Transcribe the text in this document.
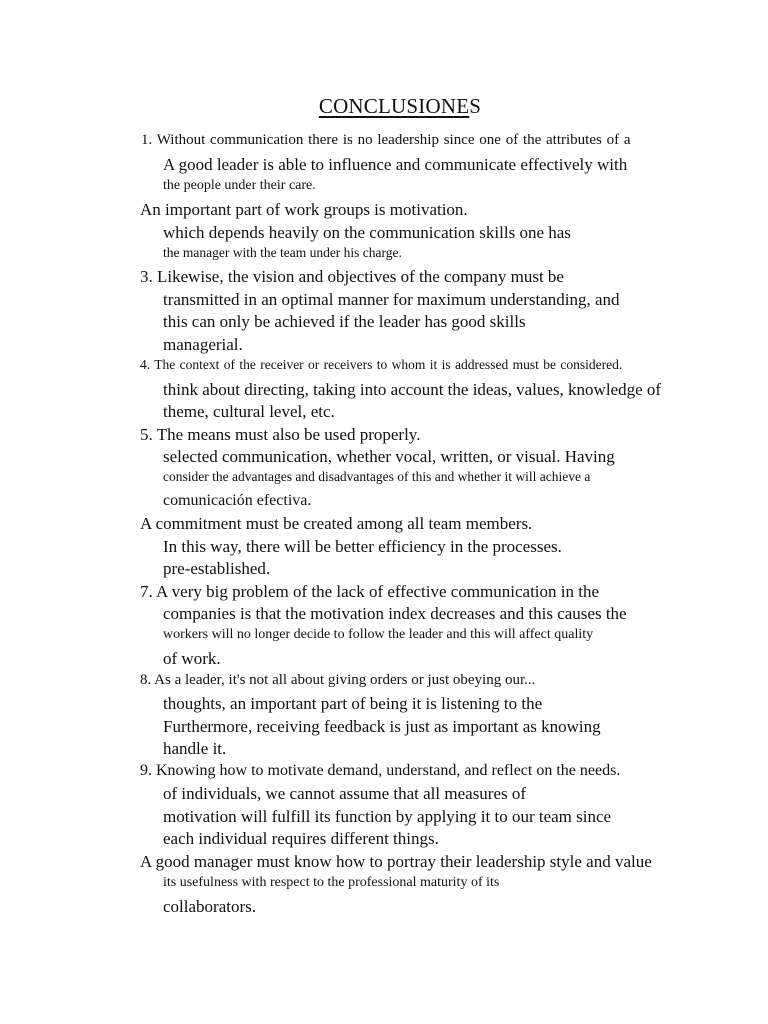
CONCLUSIONES
1. Without communication there is no leadership since one of the attributes of a
A good leader is able to influence and communicate effectively with
the people under their care.
An important part of work groups is motivation.
which depends heavily on the communication skills one has
the manager with the team under his charge.
3. Likewise, the vision and objectives of the company must be
transmitted in an optimal manner for maximum understanding, and
this can only be achieved if the leader has good skills
managerial.
4. The context of the receiver or receivers to whom it is addressed must be considered.
think about directing, taking into account the ideas, values, knowledge of
theme, cultural level, etc.
5. The means must also be used properly.
selected communication, whether vocal, written, or visual. Having
consider the advantages and disadvantages of this and whether it will achieve a
comunicación efectiva.
A commitment must be created among all team members.
In this way, there will be better efficiency in the processes.
pre-established.
7. A very big problem of the lack of effective communication in the
companies is that the motivation index decreases and this causes the
workers will no longer decide to follow the leader and this will affect quality
of work.
8. As a leader, it's not all about giving orders or just obeying our...
thoughts, an important part of being it is listening to the
Furthermore, receiving feedback is just as important as knowing
handle it.
9. Knowing how to motivate demand, understand, and reflect on the needs.
of individuals, we cannot assume that all measures of
motivation will fulfill its function by applying it to our team since
each individual requires different things.
A good manager must know how to portray their leadership style and value
its usefulness with respect to the professional maturity of its
collaborators.
